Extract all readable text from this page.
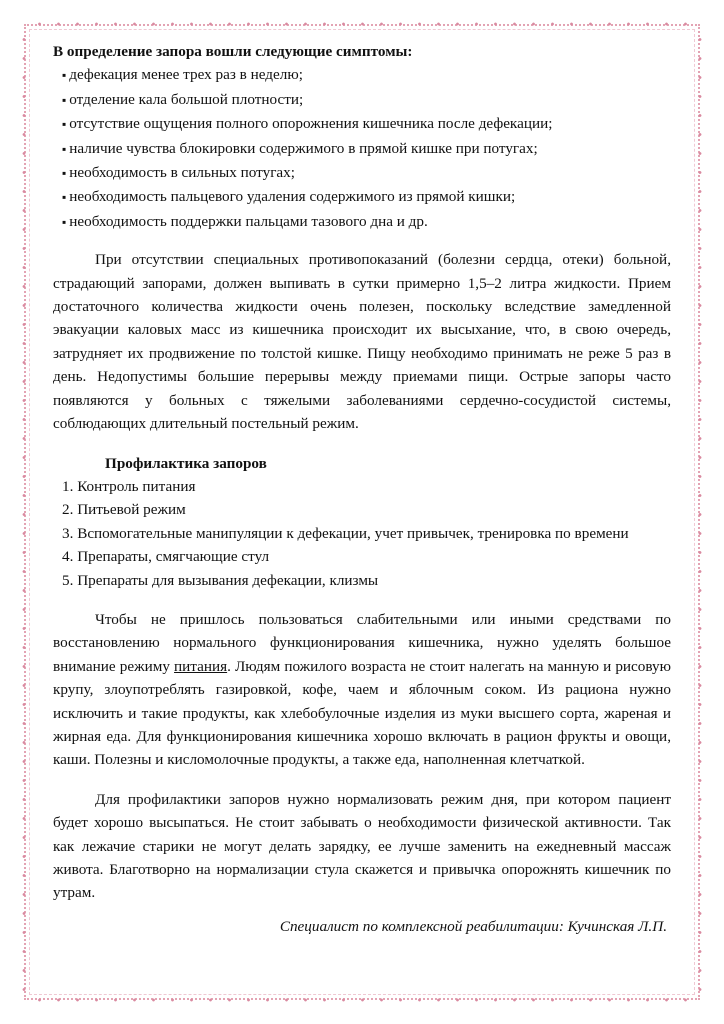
В определение запора вошли следующие симптомы:

▪ дефекация менее трех раз в неделю;
▪ отделение кала большой плотности;
▪ отсутствие ощущения полного опорожнения кишечника после дефекации;
▪ наличие чувства блокировки содержимого в прямой кишке при потугах;
▪ необходимость в сильных потугах;
▪ необходимость пальцевого удаления содержимого из прямой кишки;
▪ необходимость поддержки пальцами тазового дна и др.

При отсутствии специальных противопоказаний (болезни сердца, отеки) больной, страдающий запорами, должен выпивать в сутки примерно 1,5–2 литра жидкости. Прием достаточного количества жидкости очень полезен, поскольку вследствие замедленной эвакуации каловых масс из кишечника происходит их высыхание, что, в свою очередь, затрудняет их продвижение по толстой кишке. Пищу необходимо принимать не реже 5 раз в день. Недопустимы большие перерывы между приемами пищи. Острые запоры часто появляются у больных с тяжелыми заболеваниями сердечно-сосудистой системы, соблюдающих длительный постельный режим.

Профилактика запоров

1. Контроль питания
2. Питьевой режим
3. Вспомогательные манипуляции к дефекации, учет привычек, тренировка по времени
4. Препараты, смягчающие стул
5. Препараты для вызывания дефекации, клизмы

Чтобы не пришлось пользоваться слабительными или иными средствами по восстановлению нормального функционирования кишечника, нужно уделять большое внимание режиму питания. Людям пожилого возраста не стоит налегать на манную и рисовую крупу, злоупотреблять газировкой, кофе, чаем и яблочным соком. Из рациона нужно исключить и такие продукты, как хлебобулочные изделия из муки высшего сорта, жареная и жирная еда. Для функционирования кишечника хорошо включать в рацион фрукты и овощи, каши. Полезны и кисломолочные продукты, а также еда, наполненная клетчаткой.

Для профилактики запоров нужно нормализовать режим дня, при котором пациент будет хорошо высыпаться. Не стоит забывать о необходимости физической активности. Так как лежачие старики не могут делать зарядку, ее лучше заменить на ежедневный массаж живота. Благотворно на нормализации стула скажется и привычка опорожнять кишечник по утрам.

Специалист по комплексной реабилитации: Кучинская Л.П.
